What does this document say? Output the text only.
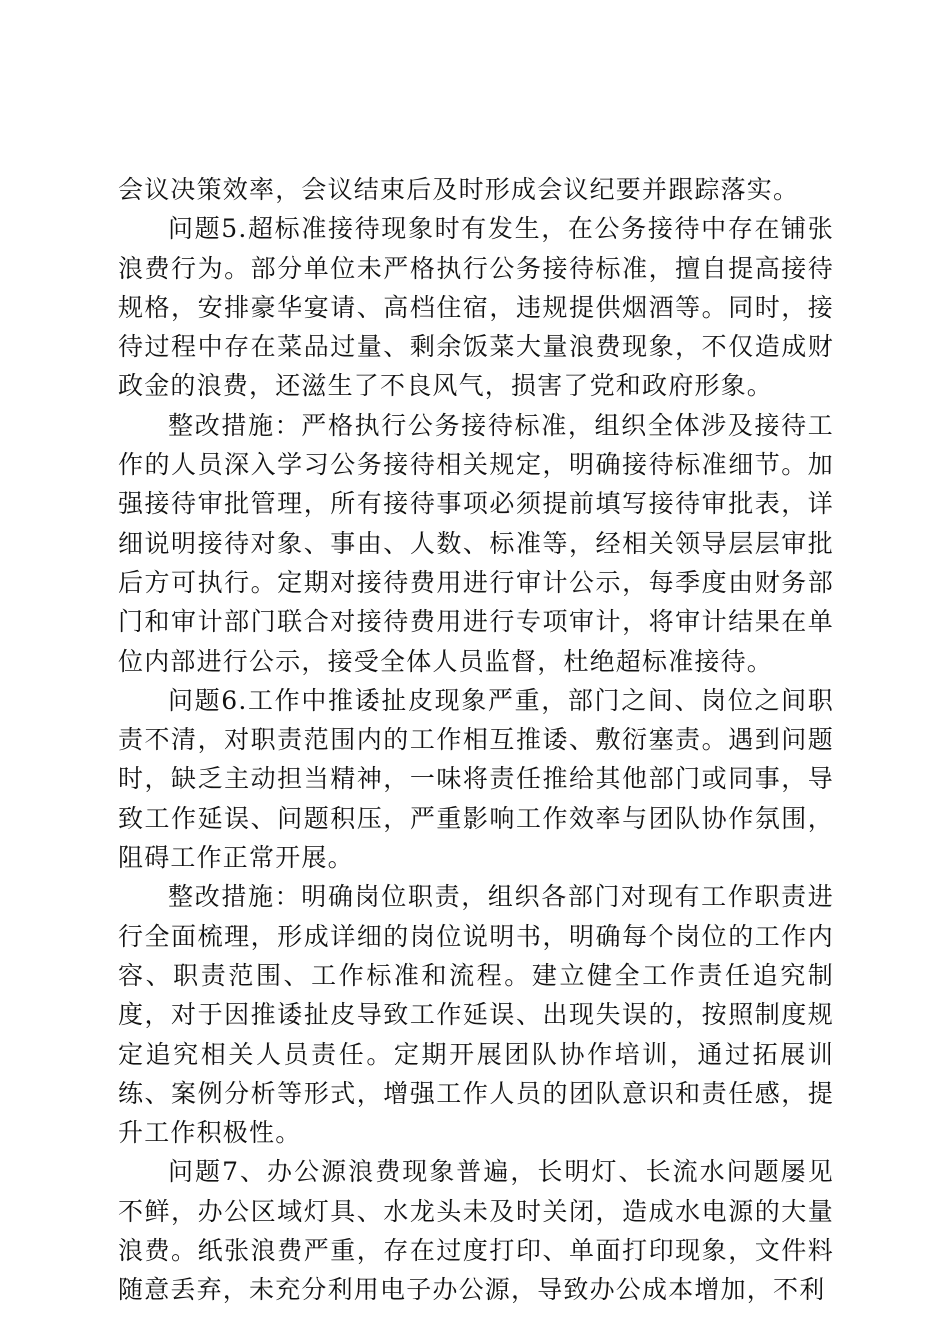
会议决策效率，会议结束后及时形成会议纪要并跟踪落实。

问题5.超标准接待现象时有发生，在公务接待中存在铺张浪费行为。部分单位未严格执行公务接待标准，擅自提高接待规格，安排豪华宴请、高档住宿，违规提供烟酒等。同时，接待过程中存在菜品过量、剩余饭菜大量浪费现象，不仅造成财政金的浪费，还滋生了不良风气，损害了党和政府形象。

整改措施：严格执行公务接待标准，组织全体涉及接待工作的人员深入学习公务接待相关规定，明确接待标准细节。加强接待审批管理，所有接待事项必须提前填写接待审批表，详细说明接待对象、事由、人数、标准等，经相关领导层层审批后方可执行。定期对接待费用进行审计公示，每季度由财务部门和审计部门联合对接待费用进行专项审计，将审计结果在单位内部进行公示，接受全体人员监督，杜绝超标准接待。

问题6.工作中推诿扯皮现象严重，部门之间、岗位之间职责不清，对职责范围内的工作相互推诿、敷衍塞责。遇到问题时，缺乏主动担当精神，一味将责任推给其他部门或同事，导致工作延误、问题积压，严重影响工作效率与团队协作氛围，阻碍工作正常开展。

整改措施：明确岗位职责，组织各部门对现有工作职责进行全面梳理，形成详细的岗位说明书，明确每个岗位的工作内容、职责范围、工作标准和流程。建立健全工作责任追究制度，对于因推诿扯皮导致工作延误、出现失误的，按照制度规定追究相关人员责任。定期开展团队协作培训，通过拓展训练、案例分析等形式，增强工作人员的团队意识和责任感，提升工作积极性。

问题7、办公源浪费现象普遍，长明灯、长流水问题屡见不鲜，办公区域灯具、水龙头未及时关闭，造成水电源的大量浪费。纸张浪费严重，存在过度打印、单面打印现象，文件料随意丢弃，未充分利用电子办公源，导致办公成本增加，不利
